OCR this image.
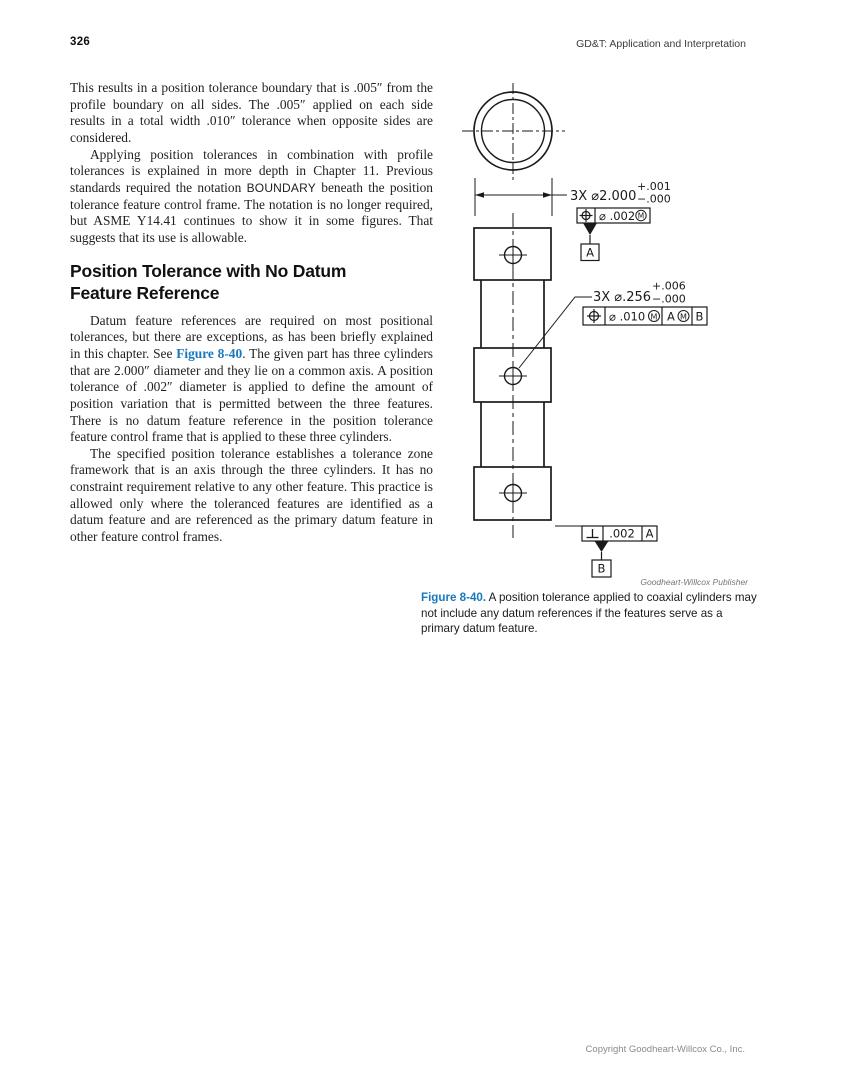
326	GD&T: Application and Interpretation

This results in a position tolerance boundary that is .005″ from the profile boundary on all sides. The .005″ applied on each side results in a total width .010″ tolerance when opposite sides are considered.

Applying position tolerances in combination with profile tolerances is explained in more depth in Chapter 11. Previous standards required the notation BOUNDARY beneath the position tolerance feature control frame. The notation is no longer required, but ASME Y14.41 continues to show it in some figures. That suggests that its use is allowable.

Position Tolerance with No Datum
Feature Reference

Datum feature references are required on most positional tolerances, but there are exceptions, as has been briefly explained in this chapter. See Figure 8-40. The given part has three cylinders that are 2.000″ diameter and they lie on a common axis. A position tolerance of .002″ diameter is applied to define the amount of position variation that is permitted between the three features. There is no datum feature reference in the position tolerance feature control frame that is applied to these three cylinders.

The specified position tolerance establishes a tolerance zone framework that is an axis through the three cylinders. It has no constraint requirement relative to any other feature. This practice is allowed only where the toleranced features are identified as a datum feature and are referenced as the primary datum feature in other feature control frames.

3X ⌀2.000
+.001
−.000
⌀ .002 M
A
3X ⌀.256
+.006
−.000
⌀ .010 M A M B
.002 A
B
Goodheart-Willcox Publisher
Figure 8-40. A position tolerance applied to coaxial cylinders may not include any datum references if the features serve as a primary datum feature.
Copyright Goodheart-Willcox Co., Inc.
